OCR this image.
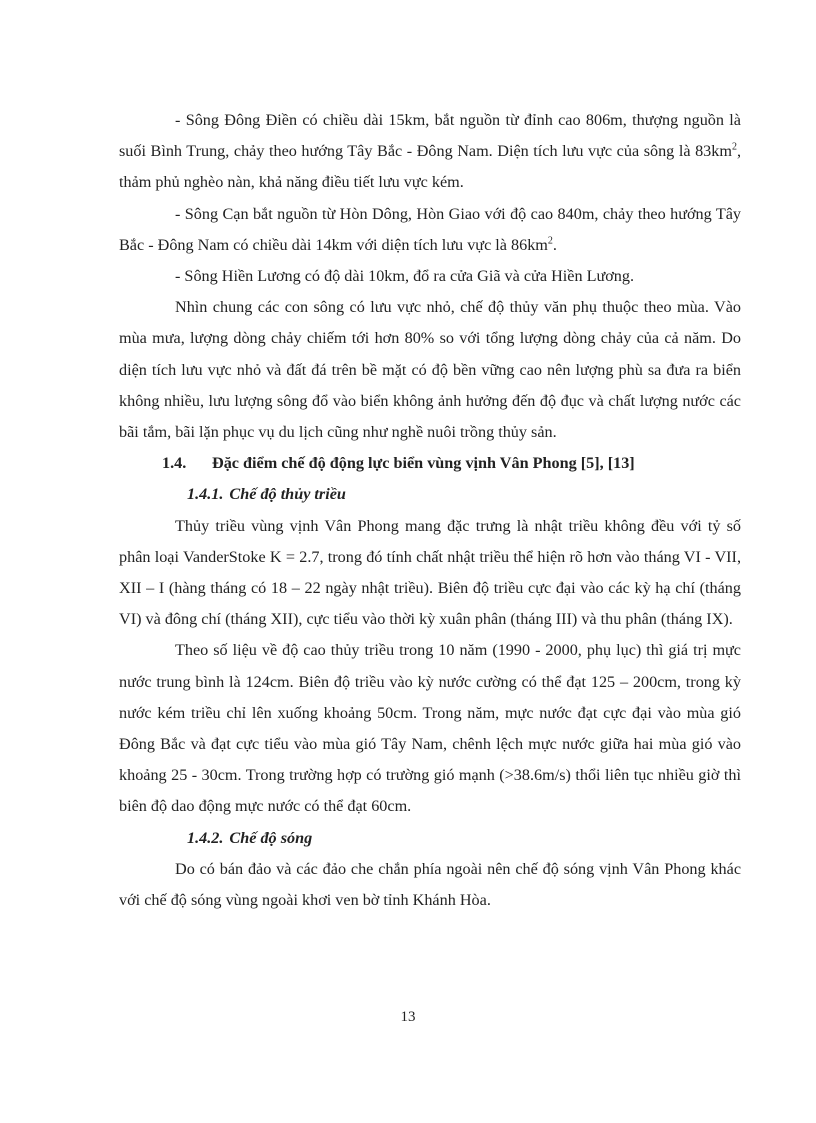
- Sông Đông Điền có chiều dài 15km, bắt nguồn từ đỉnh cao 806m, thượng nguồn là suối Bình Trung, chảy theo hướng Tây Bắc - Đông Nam. Diện tích lưu vực của sông là $83km^2$, thảm phủ nghèo nàn, khả năng điều tiết lưu vực kém.

- Sông Cạn bắt nguồn từ Hòn Dông, Hòn Giao với độ cao 840m, chảy theo hướng Tây Bắc - Đông Nam có chiều dài 14km với diện tích lưu vực là $86km^2$.

- Sông Hiền Lương có độ dài 10km, đổ ra cửa Giã và cửa Hiền Lương.

Nhìn chung các con sông có lưu vực nhỏ, chế độ thủy văn phụ thuộc theo mùa. Vào mùa mưa, lượng dòng chảy chiếm tới hơn 80% so với tổng lượng dòng chảy của cả năm. Do diện tích lưu vực nhỏ và đất đá trên bề mặt có độ bền vững cao nên lượng phù sa đưa ra biển không nhiều, lưu lượng sông đổ vào biển không ảnh hưởng đến độ đục và chất lượng nước các bãi tắm, bãi lặn phục vụ du lịch cũng như nghề nuôi trồng thủy sản.

1.4. Đặc điểm chế độ động lực biển vùng vịnh Vân Phong [5], [13]

1.4.1. Chế độ thủy triều

Thủy triều vùng vịnh Vân Phong mang đặc trưng là nhật triều không đều với tỷ số phân loại VanderStoke K = 2.7, trong đó tính chất nhật triều thể hiện rõ hơn vào tháng VI - VII, XII – I (hàng tháng có 18 – 22 ngày nhật triều). Biên độ triều cực đại vào các kỳ hạ chí (tháng VI) và đông chí (tháng XII), cực tiểu vào thời kỳ xuân phân (tháng III) và thu phân (tháng IX).

Theo số liệu về độ cao thủy triều trong 10 năm (1990 - 2000, phụ lục) thì giá trị mực nước trung bình là 124cm. Biên độ triều vào kỳ nước cường có thể đạt 125 – 200cm, trong kỳ nước kém triều chỉ lên xuống khoảng 50cm. Trong năm, mực nước đạt cực đại vào mùa gió Đông Bắc và đạt cực tiểu vào mùa gió Tây Nam, chênh lệch mực nước giữa hai mùa gió vào khoảng 25 - 30cm. Trong trường hợp có trường gió mạnh (>38.6m/s) thổi liên tục nhiều giờ thì biên độ dao động mực nước có thể đạt 60cm.

1.4.2. Chế độ sóng

Do có bán đảo và các đảo che chắn phía ngoài nên chế độ sóng vịnh Vân Phong khác với chế độ sóng vùng ngoài khơi ven bờ tỉnh Khánh Hòa.

13
